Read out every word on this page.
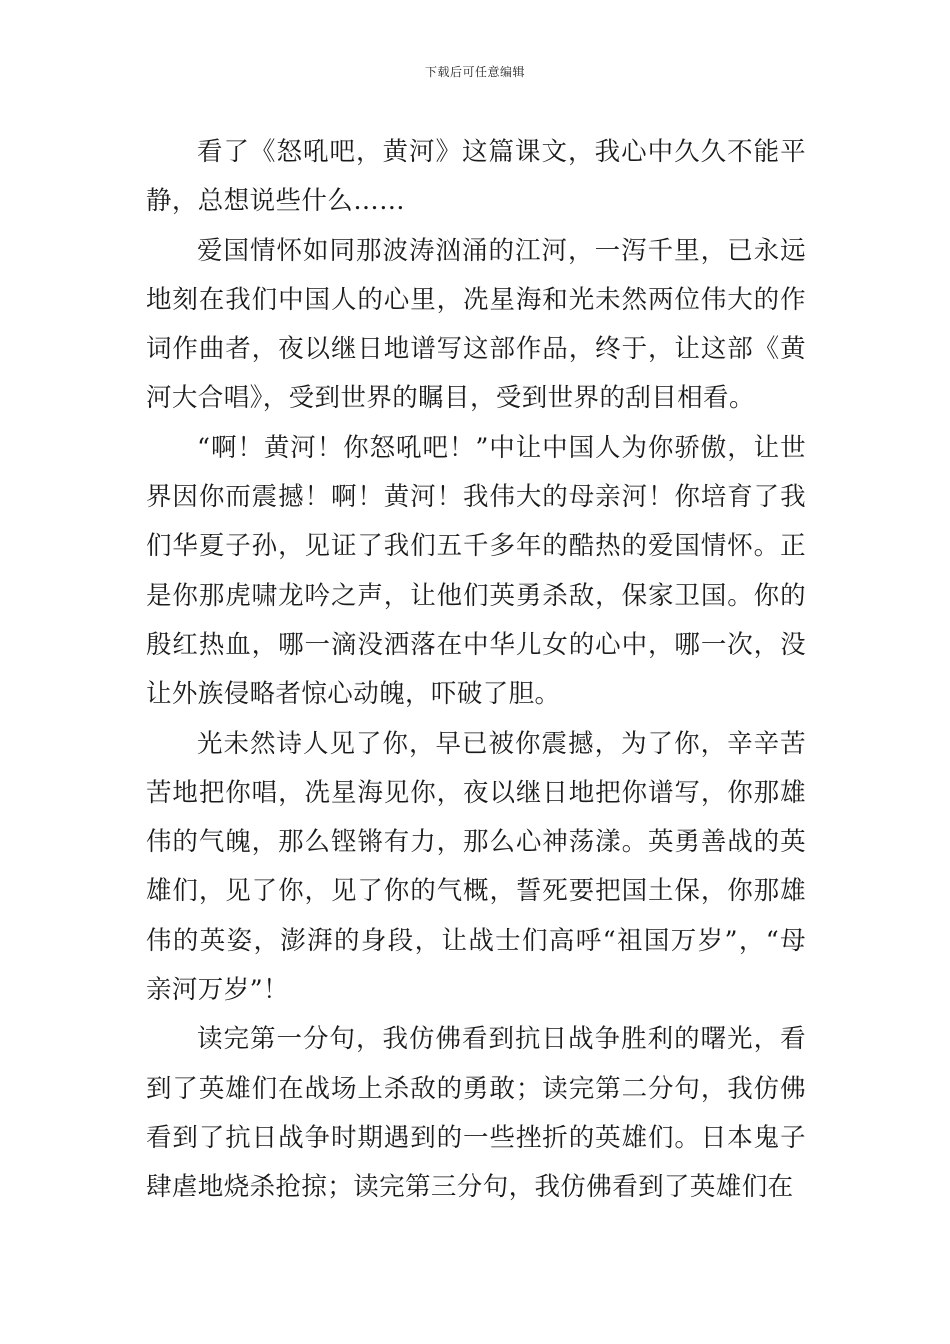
下载后可任意编辑

看了《怒吼吧，黄河》这篇课文，我心中久久不能平静，总想说些什么……

爱国情怀如同那波涛汹涌的江河，一泻千里，已永远地刻在我们中国人的心里，冼星海和光未然两位伟大的作词作曲者，夜以继日地谱写这部作品，终于，让这部《黄河大合唱》，受到世界的瞩目，受到世界的刮目相看。

“啊！黄河！你怒吼吧！”中让中国人为你骄傲，让世界因你而震撼！啊！黄河！我伟大的母亲河！你培育了我们华夏子孙，见证了我们五千多年的酷热的爱国情怀。正是你那虎啸龙吟之声，让他们英勇杀敌，保家卫国。你的殷红热血，哪一滴没洒落在中华儿女的心中，哪一次，没让外族侵略者惊心动魄，吓破了胆。

光未然诗人见了你，早已被你震撼，为了你，辛辛苦苦地把你唱，冼星海见你，夜以继日地把你谱写，你那雄伟的气魄，那么铿锵有力，那么心神荡漾。英勇善战的英雄们，见了你，见了你的气概，誓死要把国土保，你那雄伟的英姿，澎湃的身段，让战士们高呼“祖国万岁”，“母亲河万岁”！

读完第一分句，我仿佛看到抗日战争胜利的曙光，看到了英雄们在战场上杀敌的勇敢；读完第二分句，我仿佛看到了抗日战争时期遇到的一些挫折的英雄们。日本鬼子肆虐地烧杀抢掠；读完第三分句，我仿佛看到了英雄们在
